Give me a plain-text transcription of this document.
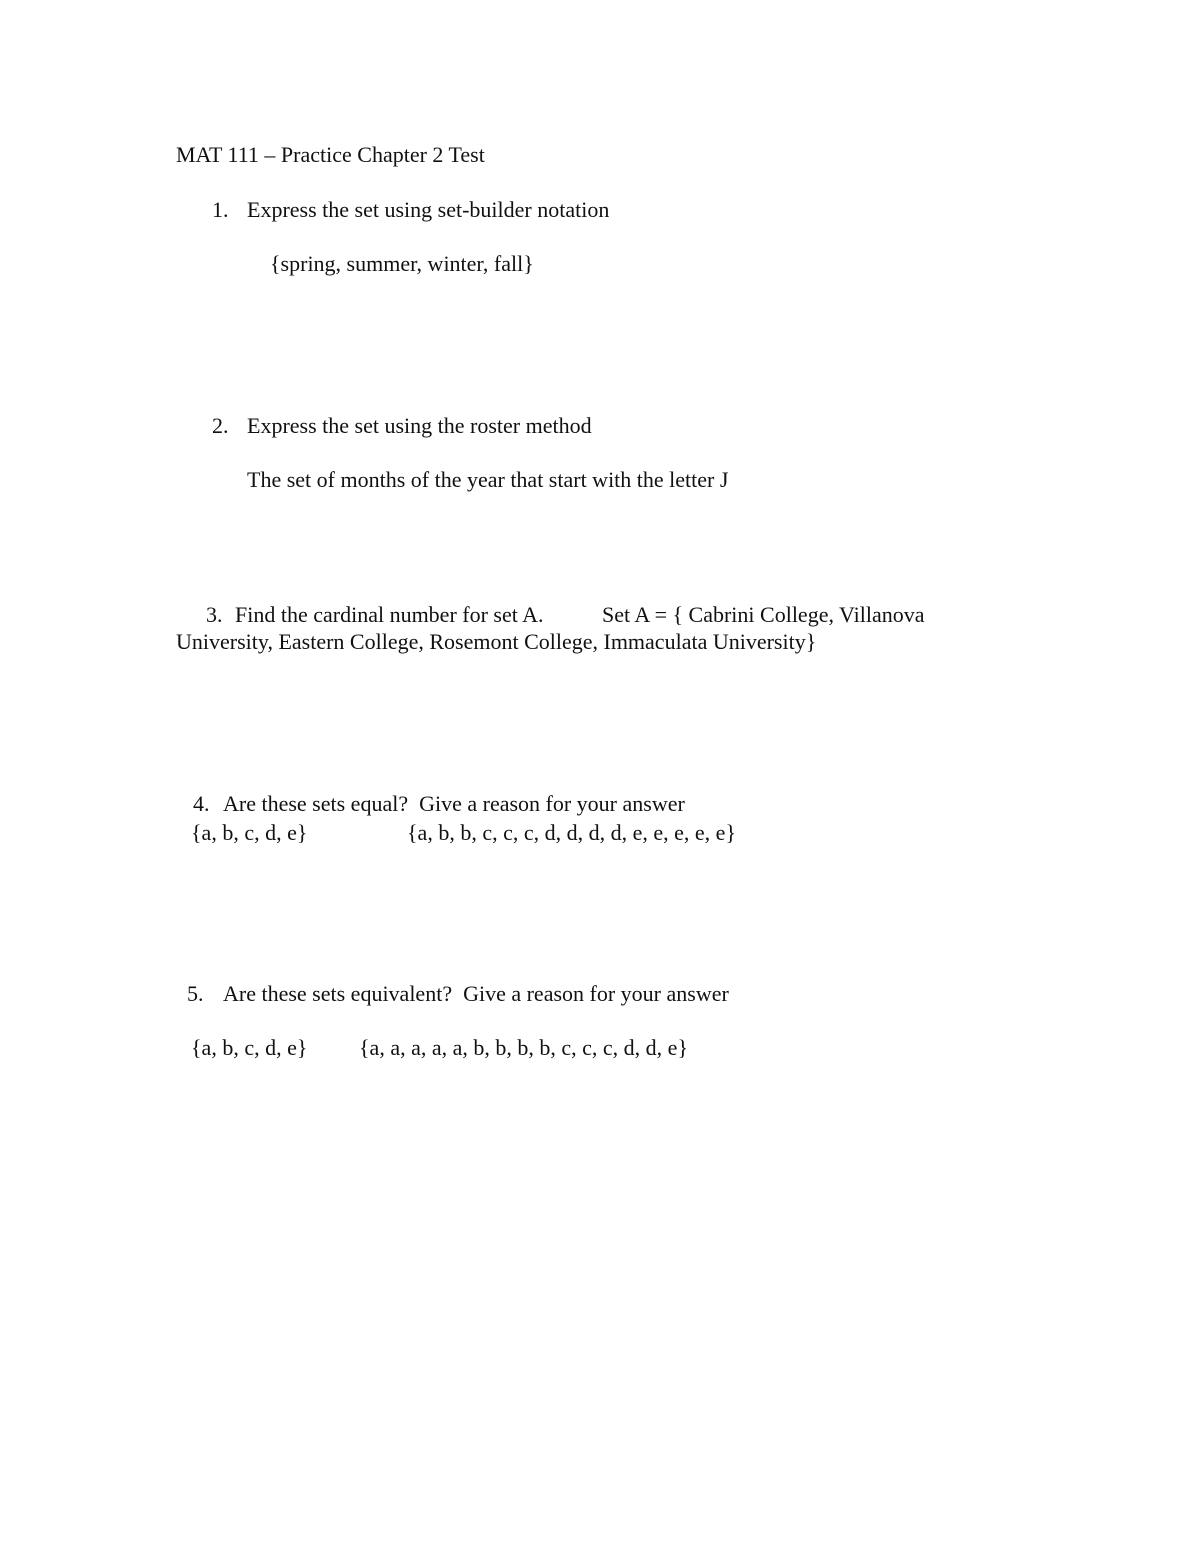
MAT 111 – Practice Chapter 2 Test
1. Express the set using set-builder notation
{spring, summer, winter, fall}
2. Express the set using the roster method
The set of months of the year that start with the letter J
3. Find the cardinal number for set A.	Set A = { Cabrini College, Villanova
University, Eastern College, Rosemont College, Immaculata University}
4. Are these sets equal?  Give a reason for your answer
{a, b, c, d, e}	{a, b, b, c, c, c, d, d, d, d, e, e, e, e, e}
5. Are these sets equivalent?  Give a reason for your answer
{a, b, c, d, e} {a, a, a, a, a, b, b, b, b, c, c, c, d, d, e}
